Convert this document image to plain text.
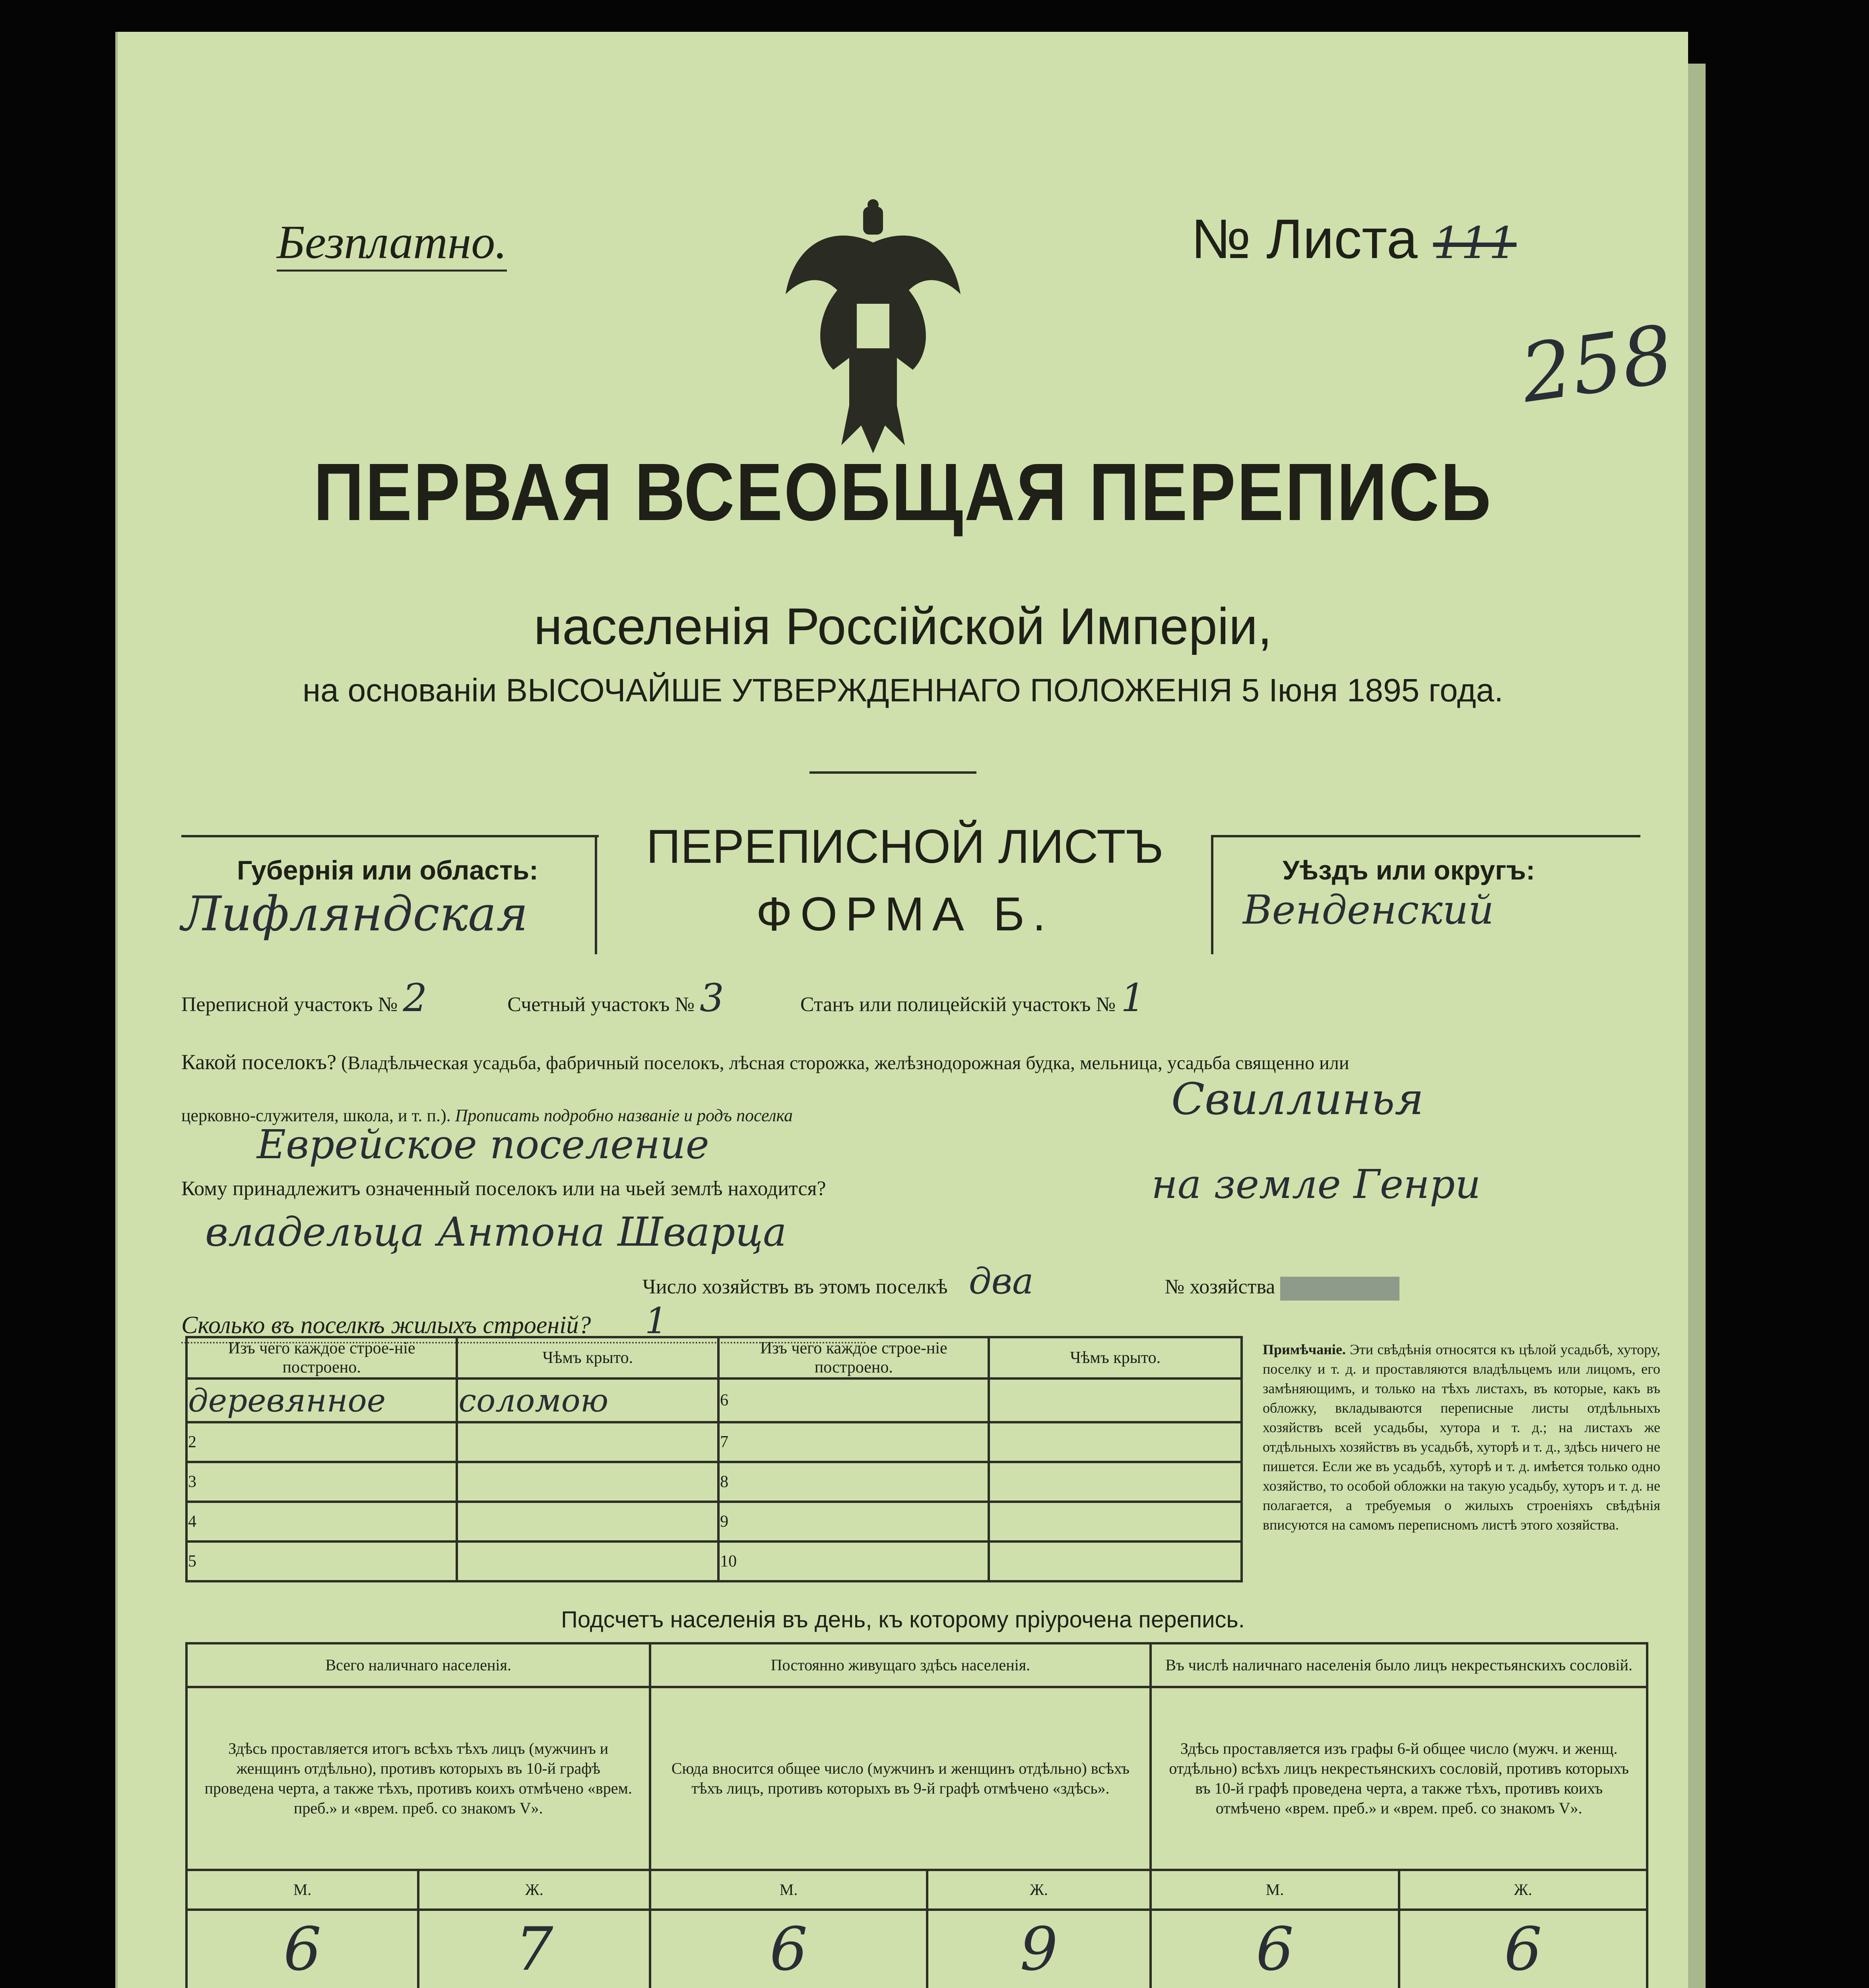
Безплатно.	№ Листа 111
258
ПЕРВАЯ ВСЕОБЩАЯ ПЕРЕПИСЬ
населенія Россійской Имперіи,
на основаніи ВЫСОЧАЙШЕ УТВЕРЖДЕННАГО ПОЛОЖЕНІЯ 5 Іюня 1895 года.
Губернія или область:
Лифляндская
ПЕРЕПИСНОЙ ЛИСТЪ
ФОРМА Б.
Уѣздъ или округъ:
Венденский
Переписной участокъ № 2	Счетный участокъ № 3	Станъ или полицейскій участокъ № 1
Какой поселокъ? (Владѣльческая усадьба, фабричный поселокъ, лѣсная сторожка, желѣзнодорожная будка, мельница, усадьба священно или
церковно-служителя, школа, и т. п.). Прописать подробно названіе и родъ поселка	Свиллинья
Еврейское поселение
Кому принадлежитъ означенный поселокъ или на чьей землѣ находится?	на земле Генри
владельца Антона Шварца
Число хозяйствъ въ этомъ поселкѣ два	№ хозяйства
Сколько въ поселкѣ жилыхъ строеній? 1
Изъ чего каждое строе-ніе построено.	Чѣмъ крыто.	Изъ чего каждое строе-ніе построено.	Чѣмъ крыто.
деревянное	соломою	6	
2		7	
3		8	
4		9	
5		10	
Примѣчаніе. Эти свѣдѣнія относятся къ цѣлой усадьбѣ, хутору, поселку и т. д. и проставляются владѣльцемъ или лицомъ, его замѣняющимъ, и только на тѣхъ листахъ, въ которые, какъ въ обложку, вкладываются переписные листы отдѣльныхъ хозяйствъ всей усадьбы, хутора и т. д.; на листахъ же отдѣльныхъ хозяйствъ въ усадьбѣ, хуторѣ и т. д., здѣсь ничего не пишется. Если же въ усадьбѣ, хуторѣ и т. д. имѣется только одно хозяйство, то особой обложки на такую усадьбу, хуторъ и т. д. не полагается, а требуемыя о жилыхъ строеніяхъ свѣдѣнія вписуются на самомъ переписномъ листѣ этого хозяйства.
Подсчетъ населенія въ день, къ которому пріурочена перепись.
Всего наличнаго населенія.		Постоянно живущаго здѣсь населенія.		Въ числѣ наличнаго населенія было лицъ некрестьянскихъ сословій.	
Здѣсь проставляется итогъ всѣхъ тѣхъ лицъ (мужчинъ и женщинъ отдѣльно), противъ которыхъ въ 10-й графѣ проведена черта, а также тѣхъ, противъ коихъ отмѣчено «врем. преб.» и «врем. преб. со знакомъ V».		Сюда вносится общее число (мужчинъ и женщинъ отдѣльно) всѣхъ тѣхъ лицъ, противъ которыхъ въ 9-й графѣ отмѣчено «здѣсь».		Здѣсь проставляется изъ графы 6-й общее число (мужч. и женщ. отдѣльно) всѣхъ лицъ некрестьянскихъ сословій, противъ которыхъ въ 10-й графѣ проведена черта, а также тѣхъ, противъ коихъ отмѣчено «врем. преб.» и «врем. преб. со знакомъ V».	
М.	Ж.	М.	Ж.	М.	Ж.
6	7	6	9	6	6
